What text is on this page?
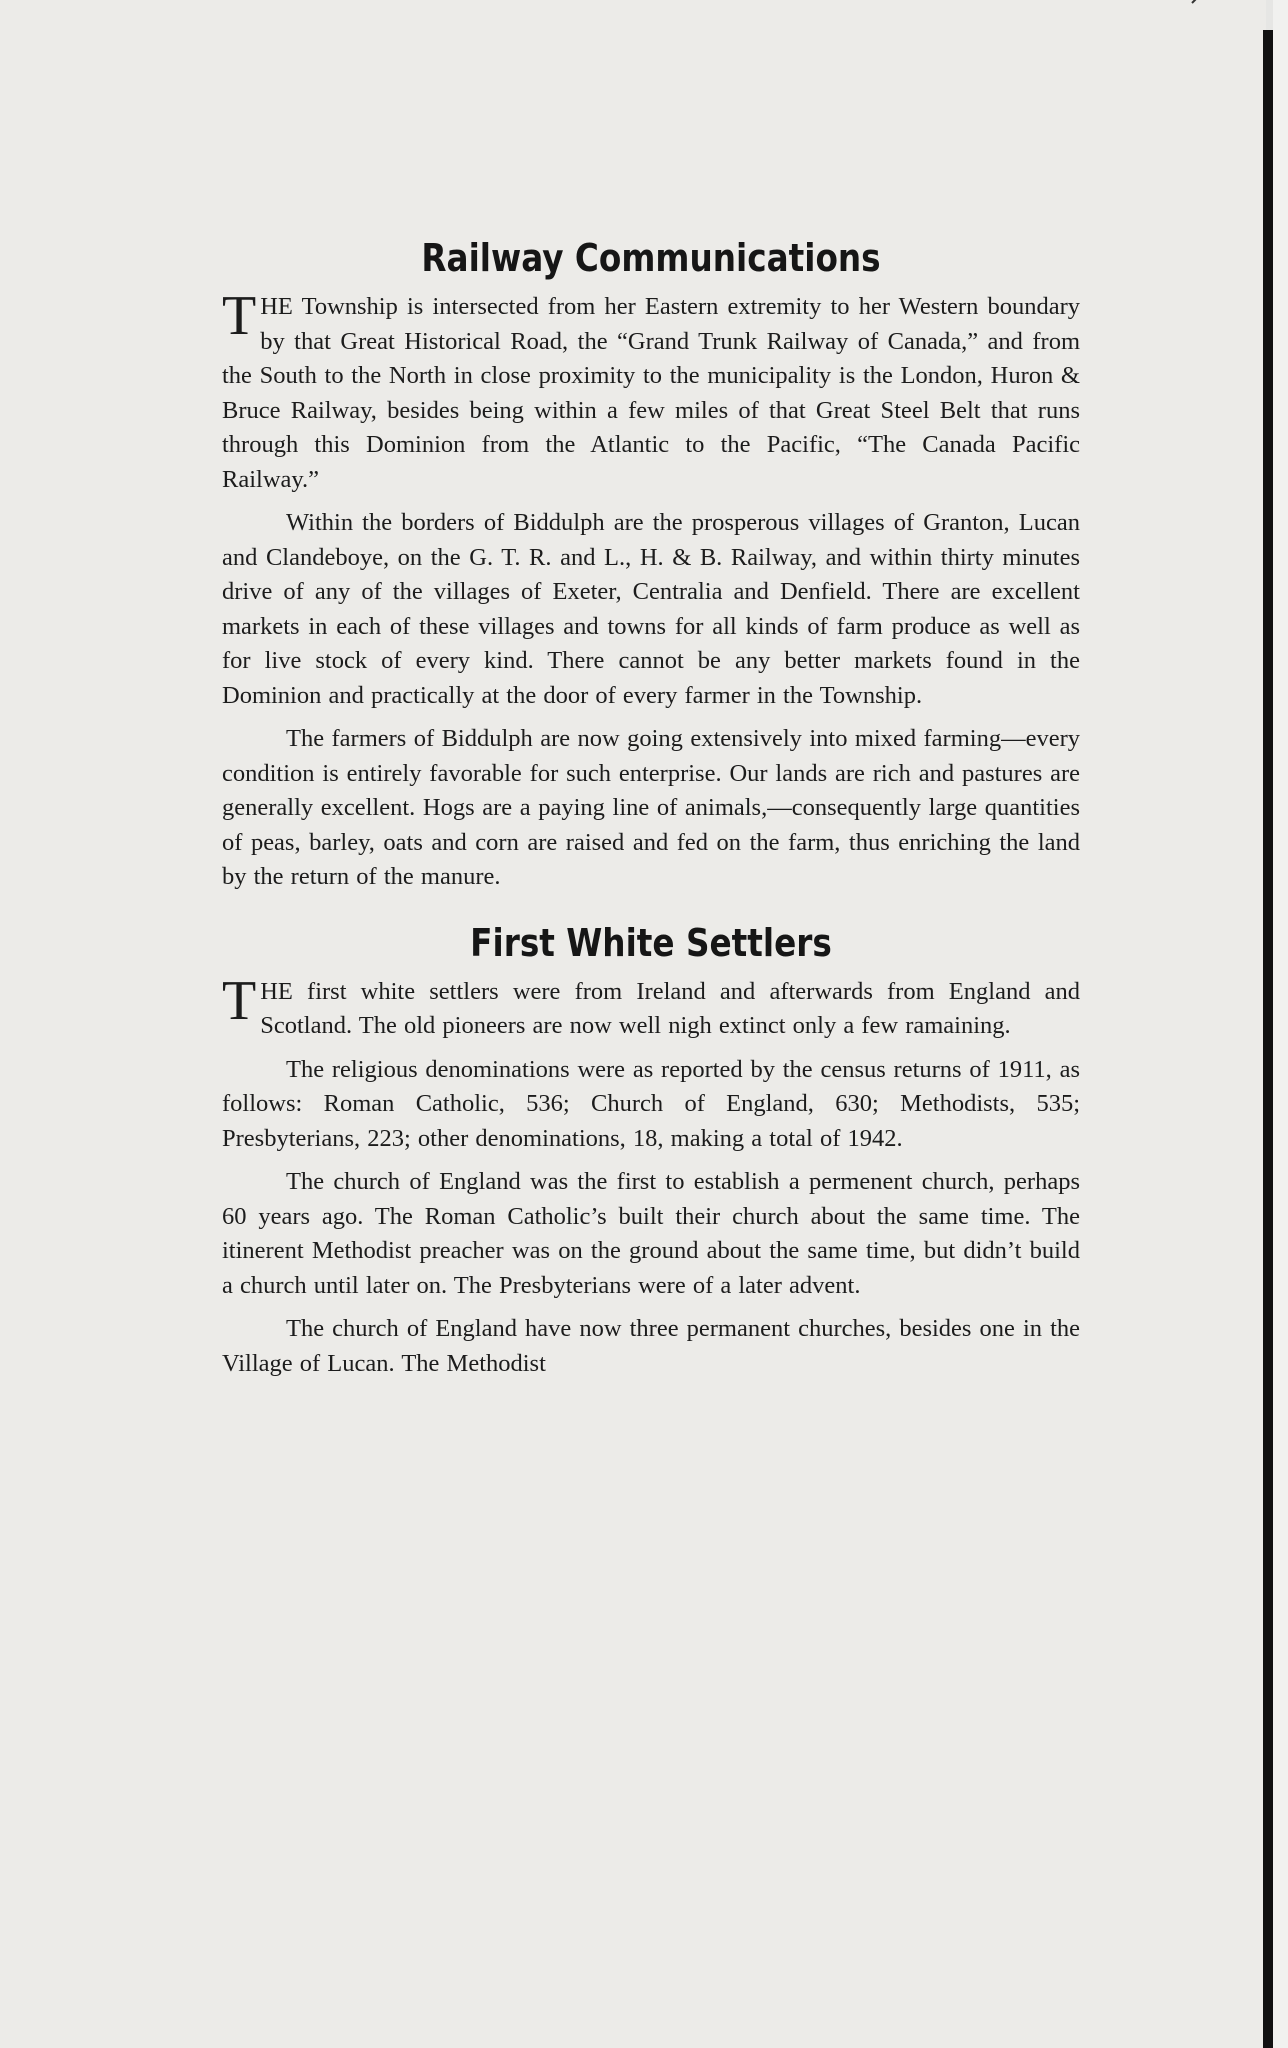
Railway Communications

THE Township is intersected from her Eastern extremity to her Western boundary by that Great Historical Road, the “Grand Trunk Railway of Canada,” and from the South to the North in close proximity to the municipality is the London, Huron & Bruce Railway, besides being within a few miles of that Great Steel Belt that runs through this Dominion from the Atlantic to the Pacific, “The Canada Pacific Railway.”

Within the borders of Biddulph are the prosperous villages of Granton, Lucan and Clandeboye, on the G. T. R. and L., H. & B. Railway, and within thirty minutes drive of any of the villages of Exeter, Centralia and Denfield. There are excellent markets in each of these villages and towns for all kinds of farm produce as well as for live stock of every kind. There cannot be any better markets found in the Dominion and practically at the door of every farmer in the Township.

The farmers of Biddulph are now going extensively into mixed farming—every condition is entirely favorable for such enterprise. Our lands are rich and pastures are generally excellent. Hogs are a paying line of animals,—consequently large quantities of peas, barley, oats and corn are raised and fed on the farm, thus enriching the land by the return of the manure.

First White Settlers

THE first white settlers were from Ireland and afterwards from England and Scotland. The old pioneers are now well nigh extinct only a few ramaining.

The religious denominations were as reported by the census returns of 1911, as follows: Roman Catholic, 536; Church of England, 630; Methodists, 535; Presbyterians, 223; other denominations, 18, making a total of 1942.

The church of England was the first to establish a permenent church, perhaps 60 years ago. The Roman Catholic’s built their church about the same time. The itinerent Methodist preacher was on the ground about the same time, but didn’t build a church until later on. The Presbyterians were of a later advent.

The church of England have now three permanent churches, besides one in the Village of Lucan. The Methodist
